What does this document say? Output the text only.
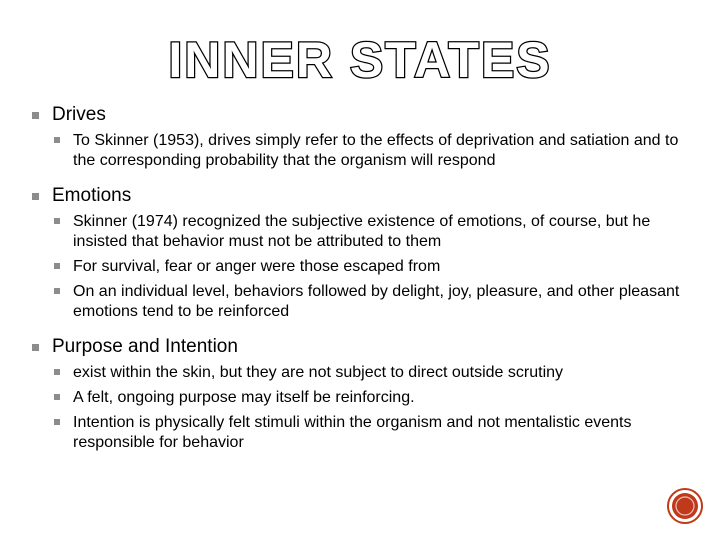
INNER STATES
Drives
To Skinner (1953), drives simply refer to the effects of deprivation and satiation and to the corresponding probability that the organism will respond
Emotions
Skinner (1974) recognized the subjective existence of emotions, of course, but he insisted that behavior must not be attributed to them
For survival, fear or anger were those escaped from
On an individual level, behaviors followed by delight, joy, pleasure, and other pleasant emotions tend to be reinforced
Purpose and Intention
exist within the skin, but they are not subject to direct outside scrutiny
A felt, ongoing purpose may itself be reinforcing.
Intention is physically felt stimuli within the organism and not mentalistic events responsible for behavior
